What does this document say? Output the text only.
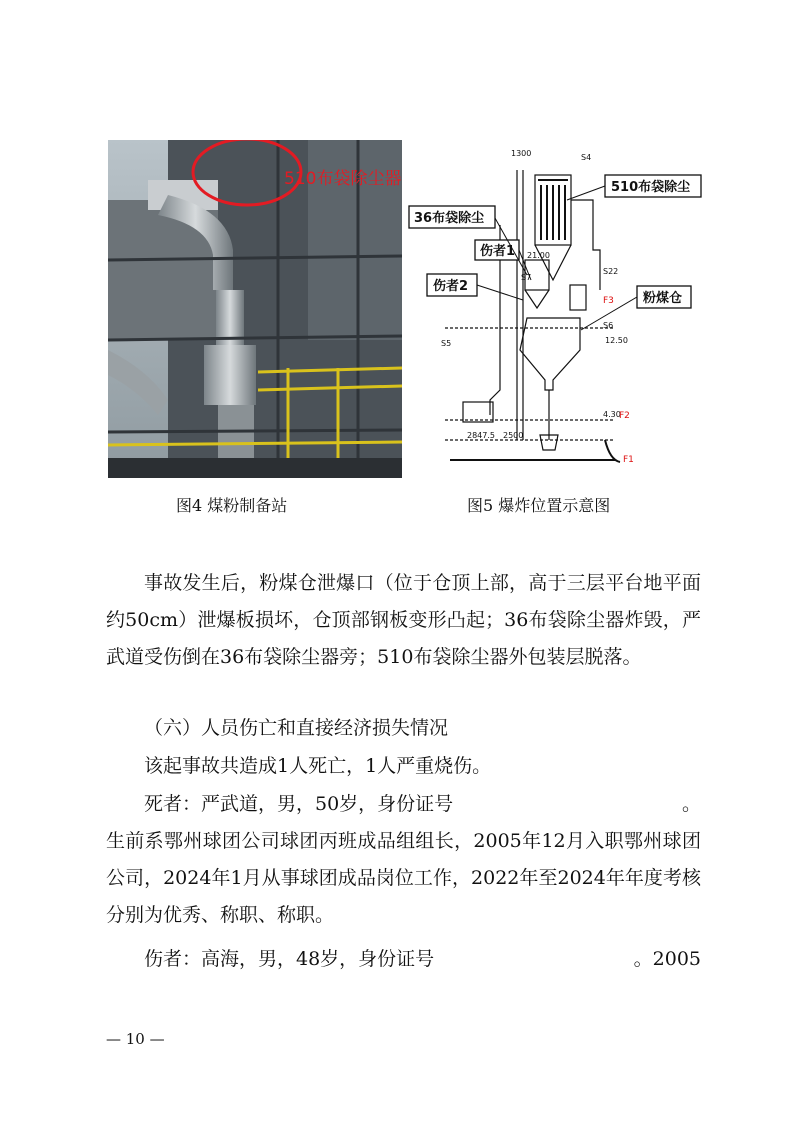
510布袋除尘器	510布袋除尘
36布袋除尘
伤者1
伤者2
粉煤仓
S4
S5
S6
S7
S22
1300
2500
2847.5
12.50
4.30
21.00
F3
F2
F1
图4 煤粉制备站	图5 爆炸位置示意图

事故发生后，粉煤仓泄爆口（位于仓顶上部，高于三层平台地平面约50cm）泄爆板损坏，仓顶部钢板变形凸起；36布袋除尘器炸毁，严武道受伤倒在36布袋除尘器旁；510布袋除尘器外包装层脱落。

（六）人员伤亡和直接经济损失情况

该起事故共造成1人死亡，1人严重烧伤。

死者：严武道，男，50岁，身份证号	。

生前系鄂州球团公司球团丙班成品组组长，2005年12月入职鄂州球团公司，2024年1月从事球团成品岗位工作，2022年至2024年年度考核分别为优秀、称职、称职。

伤者：高海，男，48岁，身份证号	。2005
— 10 —
